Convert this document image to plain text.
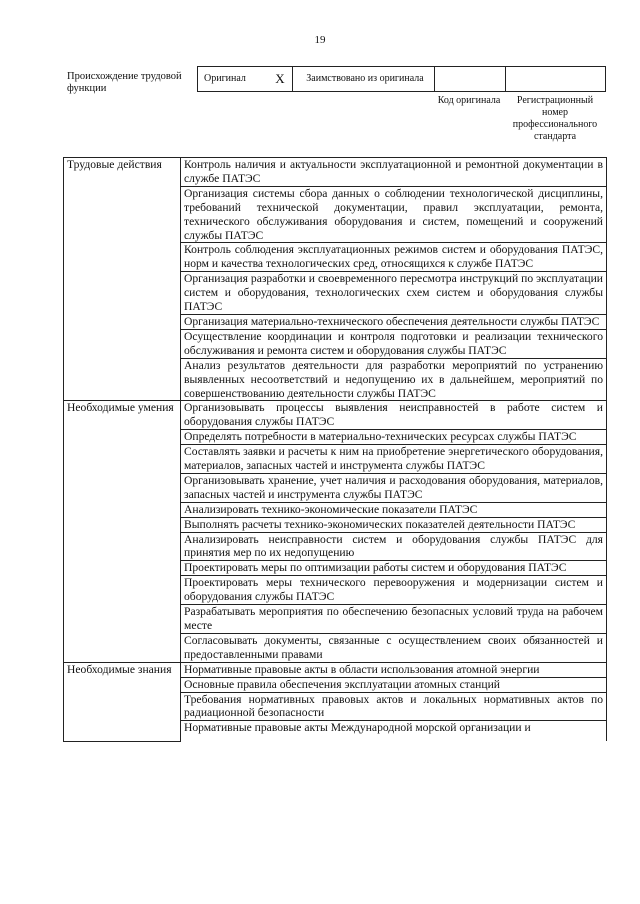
19
Происхождение трудовой функции
Оригинал	X	Заимствовано из оригинала
Код оригинала	Регистрационный номер профессионального стандарта
Трудовые действия	Контроль наличия и актуальности эксплуатационной и ремонтной документации в службе ПАТЭС
	Организация системы сбора данных о соблюдении технологической дисциплины, требований технической документации, правил эксплуатации, ремонта, технического обслуживания оборудования и систем, помещений и сооружений службы ПАТЭС
	Контроль соблюдения эксплуатационных режимов систем и оборудования ПАТЭС, норм и качества технологических сред, относящихся к службе ПАТЭС
	Организация разработки и своевременного пересмотра инструкций по эксплуатации систем и оборудования, технологических схем систем и оборудования службы ПАТЭС
	Организация материально-технического обеспечения деятельности службы ПАТЭС
	Осуществление координации и контроля подготовки и реализации технического обслуживания и ремонта систем и оборудования службы ПАТЭС
	Анализ результатов деятельности для разработки мероприятий по устранению выявленных несоответствий и недопущению их в дальнейшем, мероприятий по совершенствованию деятельности службы ПАТЭС
Необходимые умения	Организовывать процессы выявления неисправностей в работе систем и оборудования службы ПАТЭС
	Определять потребности в материально-технических ресурсах службы ПАТЭС
	Составлять заявки и расчеты к ним на приобретение энергетического оборудования, материалов, запасных частей и инструмента службы ПАТЭС
	Организовывать хранение, учет наличия и расходования оборудования, материалов, запасных частей и инструмента службы ПАТЭС
	Анализировать технико-экономические показатели ПАТЭС
	Выполнять расчеты технико-экономических показателей деятельности ПАТЭС
	Анализировать неисправности систем и оборудования службы ПАТЭС для принятия мер по их недопущению
	Проектировать меры по оптимизации работы систем и оборудования ПАТЭС
	Проектировать меры технического перевооружения и модернизации систем и оборудования службы ПАТЭС
	Разрабатывать мероприятия по обеспечению безопасных условий труда на рабочем месте
	Согласовывать документы, связанные с осуществлением своих обязанностей и предоставленными правами
Необходимые знания	Нормативные правовые акты в области использования атомной энергии
	Основные правила обеспечения эксплуатации атомных станций
	Требования нормативных правовых актов и локальных нормативных актов по радиационной безопасности
	Нормативные правовые акты Международной морской организации и
